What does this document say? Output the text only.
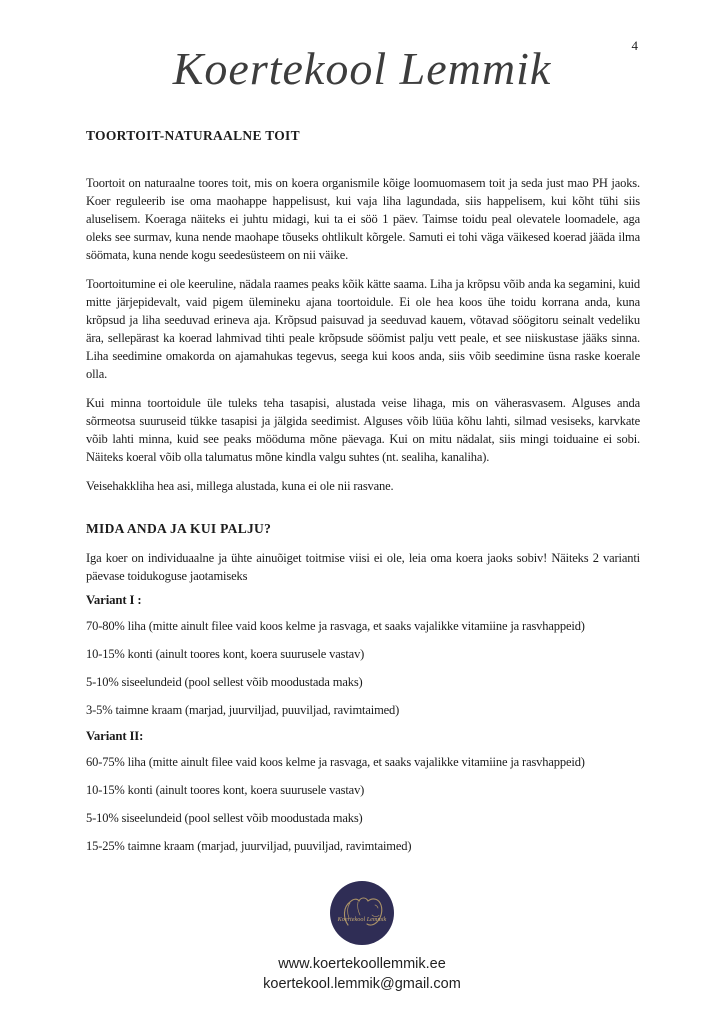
4
Koertekool Lemmik
TOORTOIT-NATURAALNE TOIT

Toortoit on naturaalne toores toit, mis on koera organismile kõige loomuomasem toit ja seda just mao PH jaoks. Koer reguleerib ise oma maohappe happelisust, kui vaja liha lagundada, siis happelisem, kui kõht tühi siis aluselisem. Koeraga näiteks ei juhtu midagi, kui ta ei söö 1 päev. Taimse toidu peal olevatele loomadele, aga oleks see surmav, kuna nende maohape tõuseks ohtlikult kõrgele. Samuti ei tohi väga väikesed koerad jääda ilma söömata, kuna nende kogu seedesüsteem on nii väike.

Toortoitumine ei ole keeruline, nädala raames peaks kõik kätte saama. Liha ja krõpsu võib anda ka segamini, kuid mitte järjepidevalt, vaid pigem ülemineku ajana toortoidule. Ei ole hea koos ühe toidu korrana anda, kuna krõpsud ja liha seeduvad erineva aja. Krõpsud paisuvad ja seeduvad kauem, võtavad söögitoru seinalt vedeliku ära, sellepärast ka koerad lahmivad tihti peale krõpsude söömist palju vett peale, et see niiskustase jääks sinna. Liha seedimine omakorda on ajamahukas tegevus, seega kui koos anda, siis võib seedimine üsna raske koerale olla.

Kui minna toortoidule üle tuleks teha tasapisi, alustada veise lihaga, mis on väherasvasem. Alguses anda sõrmeotsa suuruseid tükke tasapisi ja jälgida seedimist. Alguses võib lüüa kõhu lahti, silmad vesiseks, karvkate võib lahti minna, kuid see peaks mööduma mõne päevaga. Kui on mitu nädalat, siis mingi toiduaine ei sobi. Näiteks koeral võib olla talumatus mõne kindla valgu suhtes (nt. sealiha, kanaliha).

Veisehakkliha hea asi, millega alustada, kuna ei ole nii rasvane.

MIDA ANDA JA KUI PALJU?

Iga koer on individuaalne ja ühte ainuõiget toitmise viisi ei ole, leia oma koera jaoks sobiv! Näiteks 2 varianti päevase toidukoguse jaotamiseks

Variant I :
70-80% liha (mitte ainult filee vaid koos kelme ja rasvaga, et saaks vajalikke vitamiine ja rasvhappeid)
10-15% konti (ainult toores kont, koera suurusele vastav)
5-10% siseelundeid (pool sellest võib moodustada maks)
3-5% taimne kraam (marjad, juurviljad, puuviljad, ravimtaimed)
Variant II:
60-75% liha (mitte ainult filee vaid koos kelme ja rasvaga, et saaks vajalikke vitamiine ja rasvhappeid)
10-15% konti (ainult toores kont, koera suurusele vastav)
5-10% siseelundeid (pool sellest võib moodustada maks)
15-25% taimne kraam (marjad, juurviljad, puuviljad, ravimtaimed)
Koertekool Lemmik
www.koertekoollemmik.ee
koertekool.lemmik@gmail.com
